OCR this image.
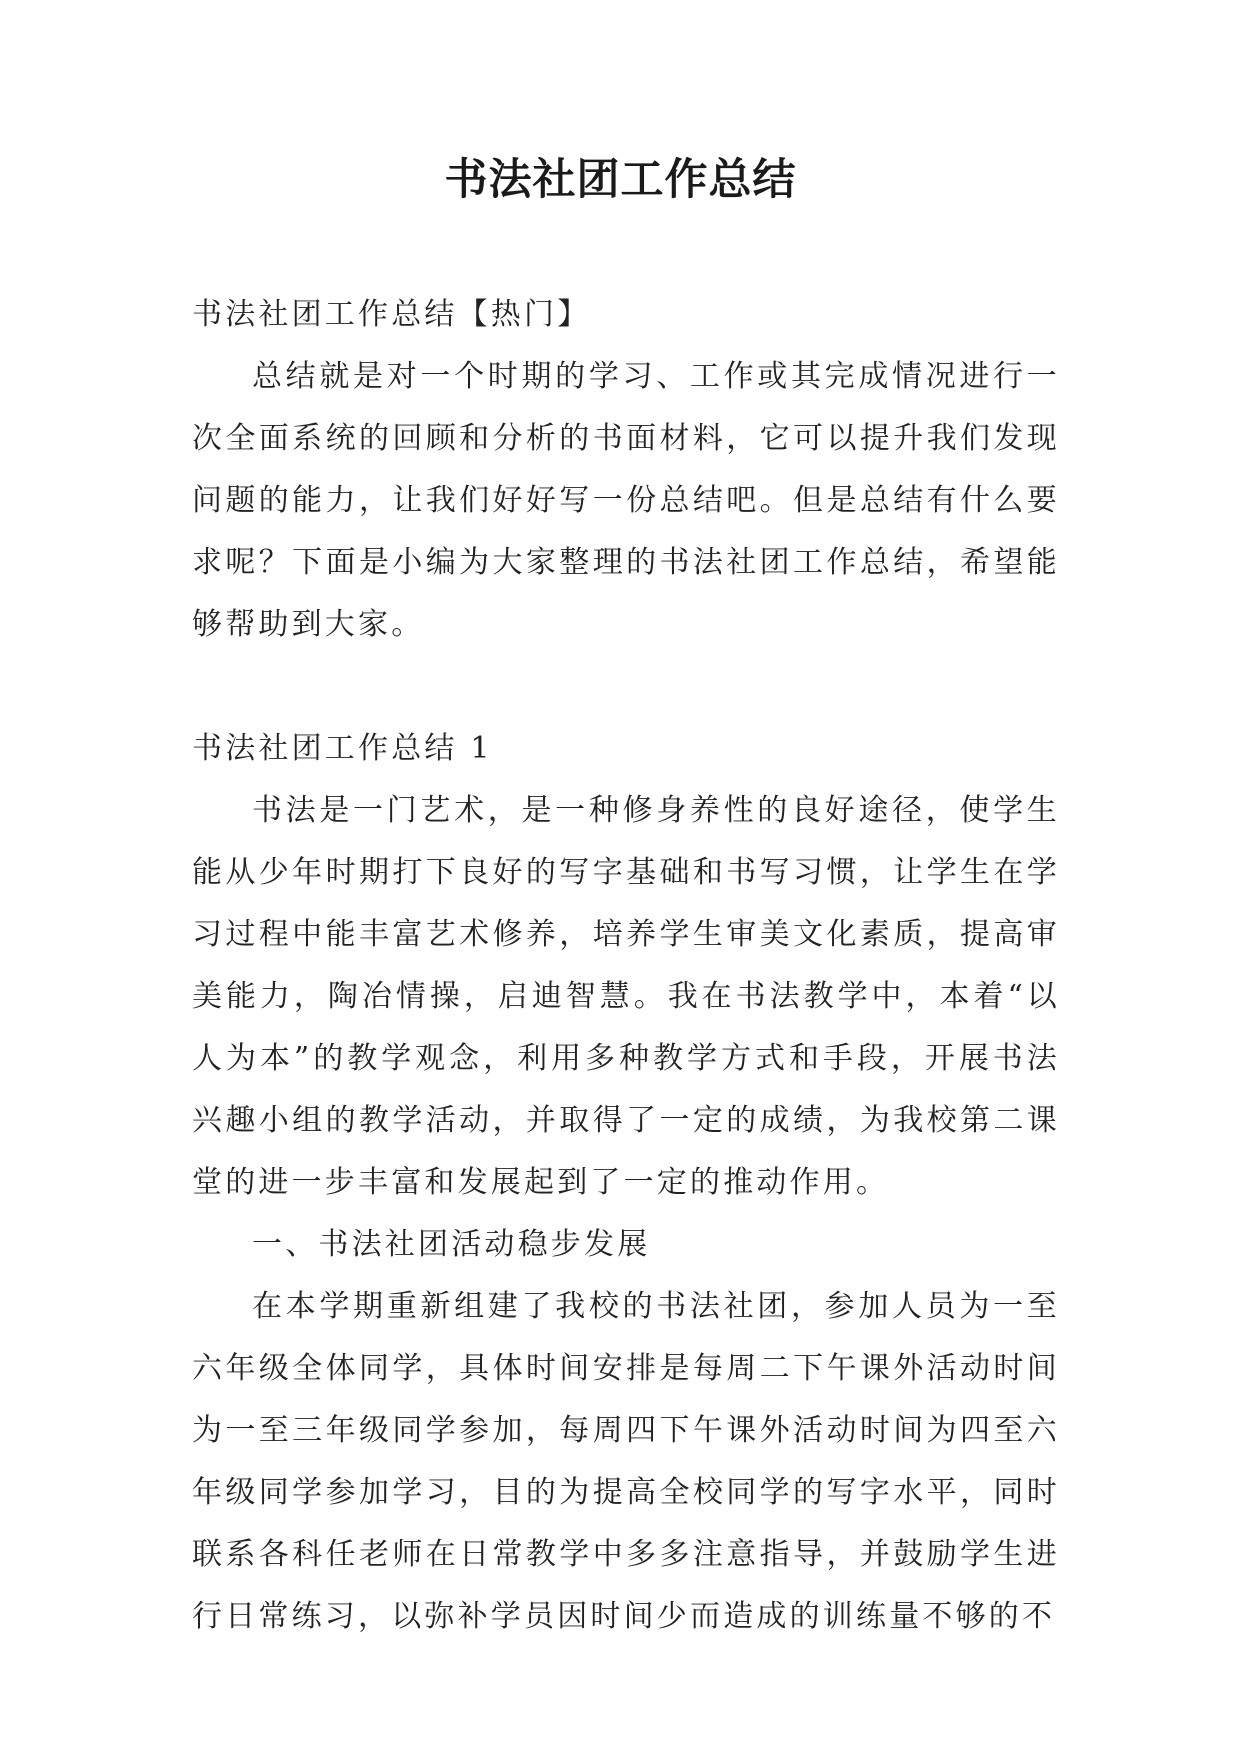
书法社团工作总结

书法社团工作总结【热门】

总结就是对一个时期的学习、工作或其完成情况进行一次全面系统的回顾和分析的书面材料，它可以提升我们发现问题的能力，让我们好好写一份总结吧。但是总结有什么要求呢？下面是小编为大家整理的书法社团工作总结，希望能够帮助到大家。

书法社团工作总结 1

书法是一门艺术，是一种修身养性的良好途径，使学生能从少年时期打下良好的写字基础和书写习惯，让学生在学习过程中能丰富艺术修养，培养学生审美文化素质，提高审美能力，陶冶情操，启迪智慧。我在书法教学中，本着“以人为本”的教学观念，利用多种教学方式和手段，开展书法兴趣小组的教学活动，并取得了一定的成绩，为我校第二课堂的进一步丰富和发展起到了一定的推动作用。

一、书法社团活动稳步发展

在本学期重新组建了我校的书法社团，参加人员为一至六年级全体同学，具体时间安排是每周二下午课外活动时间为一至三年级同学参加，每周四下午课外活动时间为四至六年级同学参加学习，目的为提高全校同学的写字水平，同时联系各科任老师在日常教学中多多注意指导，并鼓励学生进行日常练习，以弥补学员因时间少而造成的训练量不够的不
